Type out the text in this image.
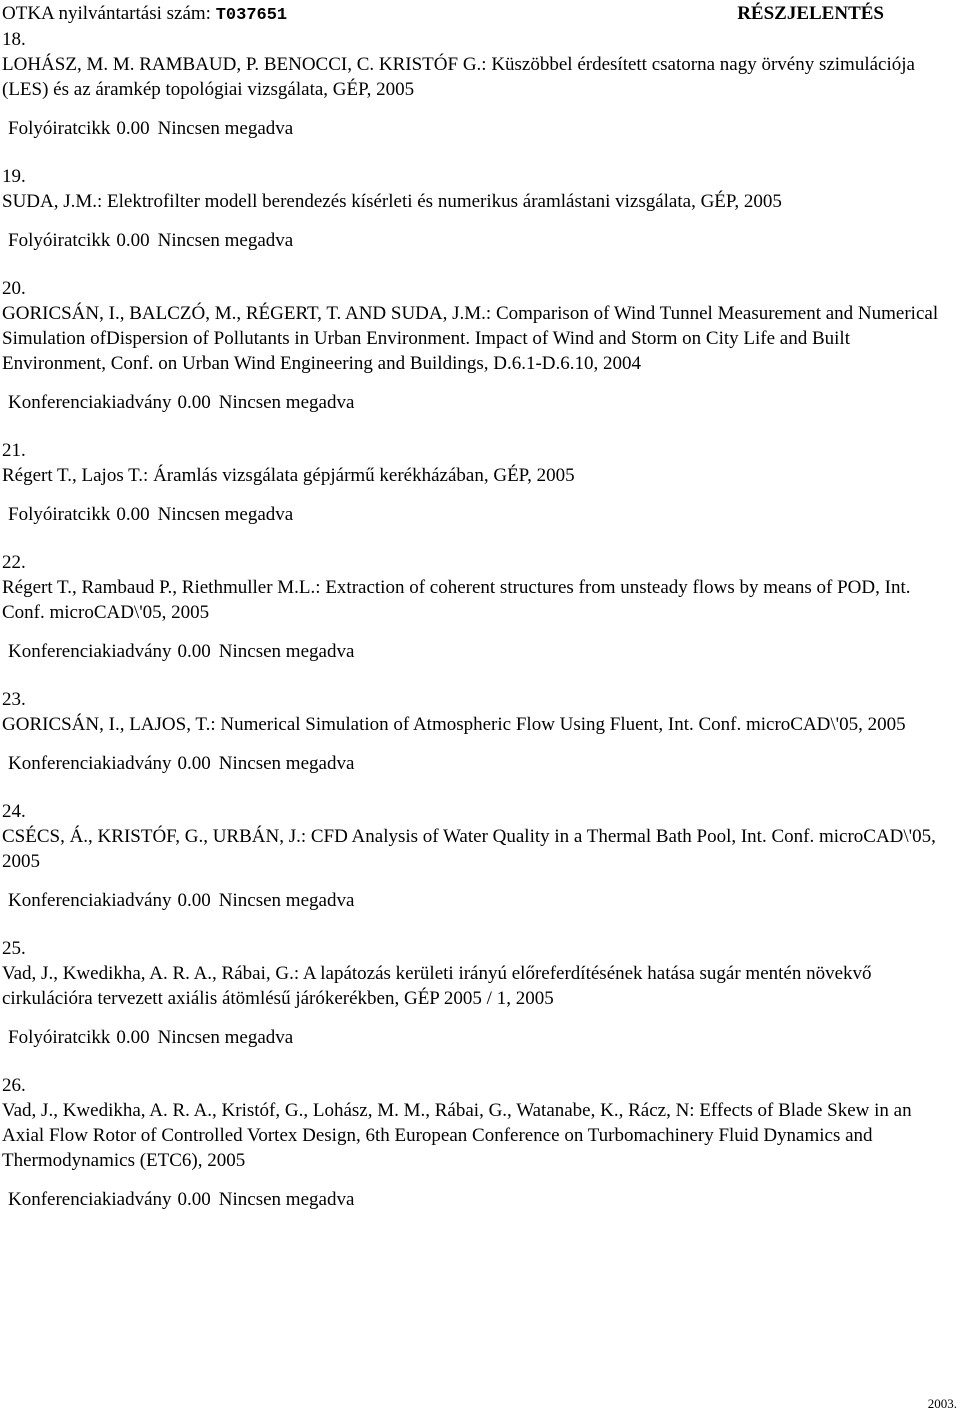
OTKA nyilvántartási szám: T037651	RÉSZJELENTÉS
18.
LOHÁSZ, M. M. RAMBAUD, P. BENOCCI, C. KRISTÓF G.: Küszöbbel érdesített csatorna nagy örvény szimulációja (LES) és az áramkép topológiai vizsgálata, GÉP, 2005
Folyóiratcikk 0.00 Nincsen megadva
19.
SUDA, J.M.: Elektrofilter modell berendezés kísérleti és numerikus áramlástani vizsgálata, GÉP, 2005
Folyóiratcikk 0.00 Nincsen megadva
20.
GORICSÁN, I., BALCZÓ, M., RÉGERT, T. AND SUDA, J.M.: Comparison of Wind Tunnel Measurement and Numerical Simulation ofDispersion of Pollutants in Urban Environment. Impact of Wind and Storm on City Life and Built Environment, Conf. on Urban Wind Engineering and Buildings, D.6.1-D.6.10, 2004
Konferenciakiadvány 0.00 Nincsen megadva
21.
Régert T., Lajos T.: Áramlás vizsgálata gépjármű kerékházában, GÉP, 2005
Folyóiratcikk 0.00 Nincsen megadva
22.
Régert T., Rambaud P., Riethmuller M.L.: Extraction of coherent structures from unsteady flows by means of POD, Int. Conf. microCAD\'05, 2005
Konferenciakiadvány 0.00 Nincsen megadva
23.
GORICSÁN, I., LAJOS, T.: Numerical Simulation of Atmospheric Flow Using Fluent, Int. Conf. microCAD\'05, 2005
Konferenciakiadvány 0.00 Nincsen megadva
24.
CSÉCS, Á., KRISTÓF, G., URBÁN, J.: CFD Analysis of Water Quality in a Thermal Bath Pool, Int. Conf. microCAD\'05, 2005
Konferenciakiadvány 0.00 Nincsen megadva
25.
Vad, J., Kwedikha, A. R. A., Rábai, G.: A lapátozás kerületi irányú előreferdítésének hatása sugár mentén növekvő cirkulációra tervezett axiális átömlésű járókerékben, GÉP 2005 / 1, 2005
Folyóiratcikk 0.00 Nincsen megadva
26.
Vad, J., Kwedikha, A. R. A., Kristóf, G., Lohász, M. M., Rábai, G., Watanabe, K., Rácz, N: Effects of Blade Skew in an Axial Flow Rotor of Controlled Vortex Design, 6th European Conference on Turbomachinery Fluid Dynamics and Thermodynamics (ETC6), 2005
Konferenciakiadvány 0.00 Nincsen megadva
2003.
